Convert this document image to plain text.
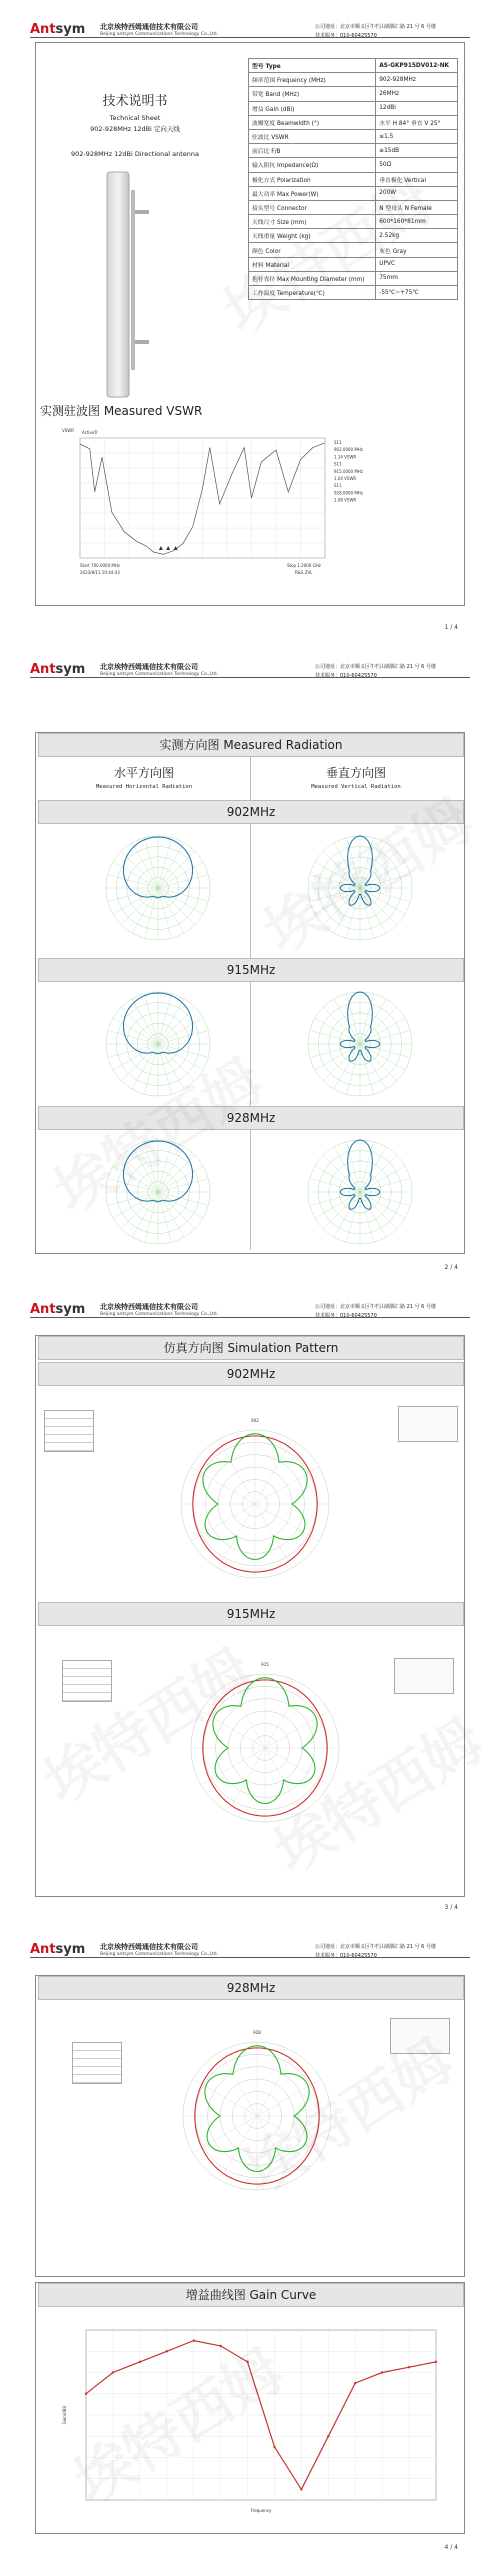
Antsym 北京埃特西姆通信技术有限公司
Beijing antsym Communications Technology Co.,Ltd.
公司地址：北京市顺义区牛栏山镇腾仁路 21 号 6 号楼
技术服务：010-60425570
技术说明书
Technical Sheet
902-928MHz 12dBi 定向天线
902-928MHz 12dBi Directional antenna
型号 Type	AS-GKP915DV012-NK
频率范围 Frequency (MHz)	902-928MHz
带宽 Band (MHz)	26MHz
增益 Gain (dBi)	12dBi
波瓣宽度 Beamwidth (°)	水平 H 84° 垂直 V 25°
驻波比 VSWR	≤1.5
前后比 F/B	≥15dB
输入阻抗 Impedance(Ω)	50Ω
极化方式 Polarization	垂直极化 Vertical
最大功率 Max Power(W)	200W
接头型号 Connector	N 型母头 N Female
天线尺寸 Size (mm)	600*160*81mm
天线重量 Weight (kg)	2.52kg
颜色 Color	灰色 Gray
材料 Material	UPVC
抱杆直径 Max Mounting Diameter (mm)	75mm
工作温度 Temperature(℃)	-55℃~+75℃
实测驻波图 Measured VSWR
VSWR ActiveTr
S11
902.0000 MHz
1.14 VSWR
S11
915.0000 MHz
1.04 VSWR
S11
928.0000 MHz
1.08 VSWR
Start 700.0000 MHz	Stop 1.2000 GHz
2023/8/11 10:44:43	R&S ZVL
1 / 4
Antsym 北京埃特西姆通信技术有限公司
Beijing antsym Communications Technology Co.,Ltd.
公司地址：北京市顺义区牛栏山镇腾仁路 21 号 6 号楼
技术服务：010-60425570
实测方向图 Measured Radiation
水平方向图
Measured Horizontal Radiation
垂直方向图
Measured Vertical Radiation
902MHz
915MHz
928MHz
2 / 4
Antsym 北京埃特西姆通信技术有限公司
Beijing antsym Communications Technology Co.,Ltd.
公司地址：北京市顺义区牛栏山镇腾仁路 21 号 6 号楼
技术服务：010-60425570
仿真方向图 Simulation Pattern
902MHz
902
915MHz
915
3 / 4
Antsym 北京埃特西姆通信技术有限公司
Beijing antsym Communications Technology Co.,Ltd.
公司地址：北京市顺义区牛栏山镇腾仁路 21 号 6 号楼
技术服务：010-60425570
928MHz
928
增益曲线图 Gain Curve
Gain(dBi)
Frequency
4 / 4
